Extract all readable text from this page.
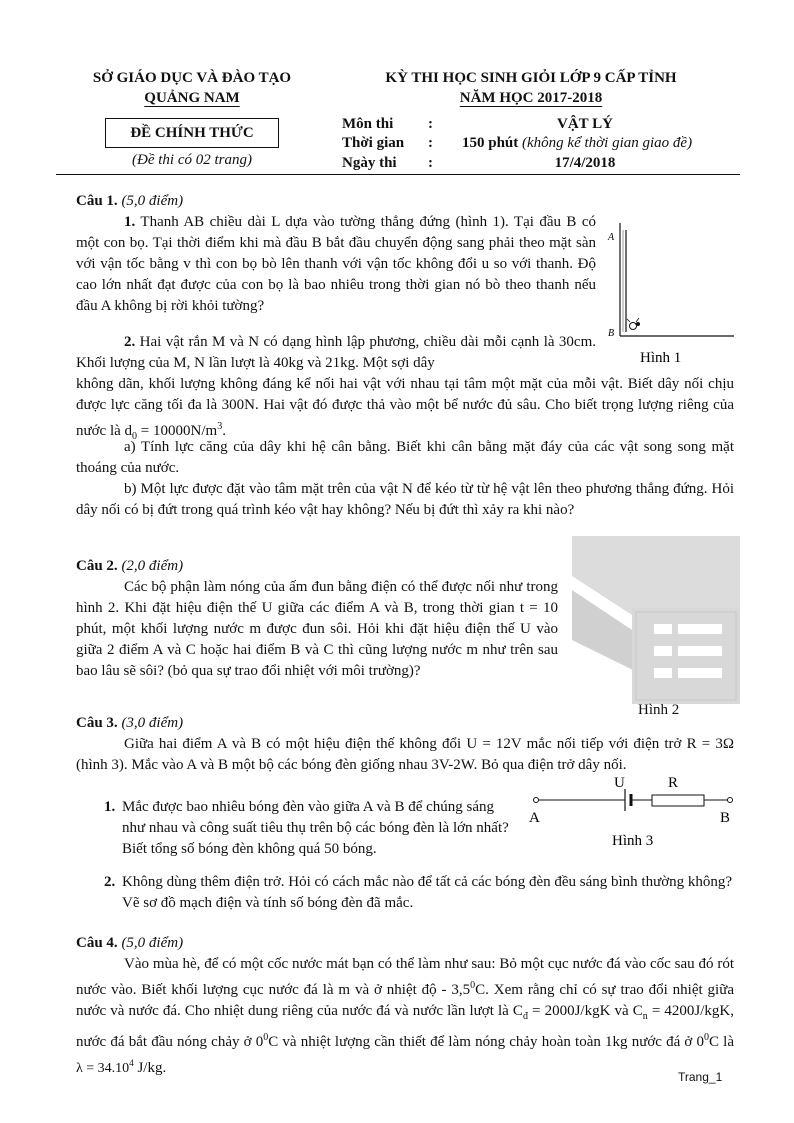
SỞ GIÁO DỤC VÀ ĐÀO TẠO
QUẢNG NAM
KỲ THI HỌC SINH GIỎI LỚP 9 CẤP TỈNH
NĂM HỌC 2017-2018
ĐỀ CHÍNH THỨC
(Đề thi có 02 trang)
Môn thi
Thời gian
Ngày thi
:
:
:
VẬT LÝ
150 phút (không kể thời gian giao đề)
17/4/2018
Câu 1. (5,0 điểm)
1. Thanh AB chiều dài L dựa vào tường thẳng đứng (hình 1). Tại đầu B có một con bọ. Tại thời điểm khi mà đầu B bắt đầu chuyển động sang phải theo mặt sàn với vận tốc bằng v thì con bọ bò lên thanh với vận tốc không đổi u so với thanh. Độ cao lớn nhất đạt được của con bọ là bao nhiêu trong thời gian nó bò theo thanh nếu đầu A không bị rời khỏi tường?
A
B
Hình 1
2. Hai vật rắn M và N có dạng hình lập phương, chiều dài mỗi cạnh là 30cm. Khối lượng của M, N lần lượt là 40kg và 21kg. Một sợi dây
không dãn, khối lượng không đáng kể nối hai vật với nhau tại tâm một mặt của mỗi vật. Biết dây nối chịu được lực căng tối đa là 300N. Hai vật đó được thả vào một bể nước đủ sâu. Cho biết trọng lượng riêng của nước là $d_0 = 10000N/m^3$.
a) Tính lực căng của dây khi hệ cân bằng. Biết khi cân bằng mặt đáy của các vật song song mặt thoáng của nước.
b) Một lực được đặt vào tâm mặt trên của vật N để kéo từ từ hệ vật lên theo phương thẳng đứng. Hỏi dây nối có bị đứt trong quá trình kéo vật hay không? Nếu bị đứt thì xảy ra khi nào?
Câu 2. (2,0 điểm)
Các bộ phận làm nóng của ấm đun bằng điện có thể được nối như trong hình 2. Khi đặt hiệu điện thế U giữa các điểm A và B, trong thời gian t = 10 phút, một khối lượng nước m được đun sôi. Hỏi khi đặt hiệu điện thế U vào giữa 2 điểm A và C hoặc hai điểm B và C thì cũng lượng nước m như trên sau bao lâu sẽ sôi? (bỏ qua sự trao đổi nhiệt với môi trường)?
Hình 2
Câu 3. (3,0 điểm)
Giữa hai điểm A và B có một hiệu điện thế không đổi U = 12V mắc nối tiếp với điện trở R = 3Ω (hình 3). Mắc vào A và B một bộ các bóng đèn giống nhau 3V-2W. Bỏ qua điện trở dây nối.
1. Mắc được bao nhiêu bóng đèn vào giữa A và B để chúng sáng như nhau và công suất tiêu thụ trên bộ các bóng đèn là lớn nhất? Biết tổng số bóng đèn không quá 50 bóng.
U	R
A	B
Hình 3
2. Không dùng thêm điện trở. Hỏi có cách mắc nào để tất cả các bóng đèn đều sáng bình thường không? Vẽ sơ đồ mạch điện và tính số bóng đèn đã mắc.
Câu 4. (5,0 điểm)
Vào mùa hè, để có một cốc nước mát bạn có thể làm như sau: Bỏ một cục nước đá vào cốc sau đó rót nước vào. Biết khối lượng cục nước đá là m và ở nhiệt độ - $3,5^0C$. Xem rằng chỉ có sự trao đổi nhiệt giữa nước và nước đá. Cho nhiệt dung riêng của nước đá và nước lần lượt là $C_đ = 2000J/kgK$ và $C_n = 4200J/kgK$, nước đá bắt đầu nóng chảy ở $0^0C$ và nhiệt lượng cần thiết để làm nóng chảy hoàn toàn 1kg nước đá ở $0^0C$ là $\lambda = 34.10^4$ J/kg.
Trang_1
